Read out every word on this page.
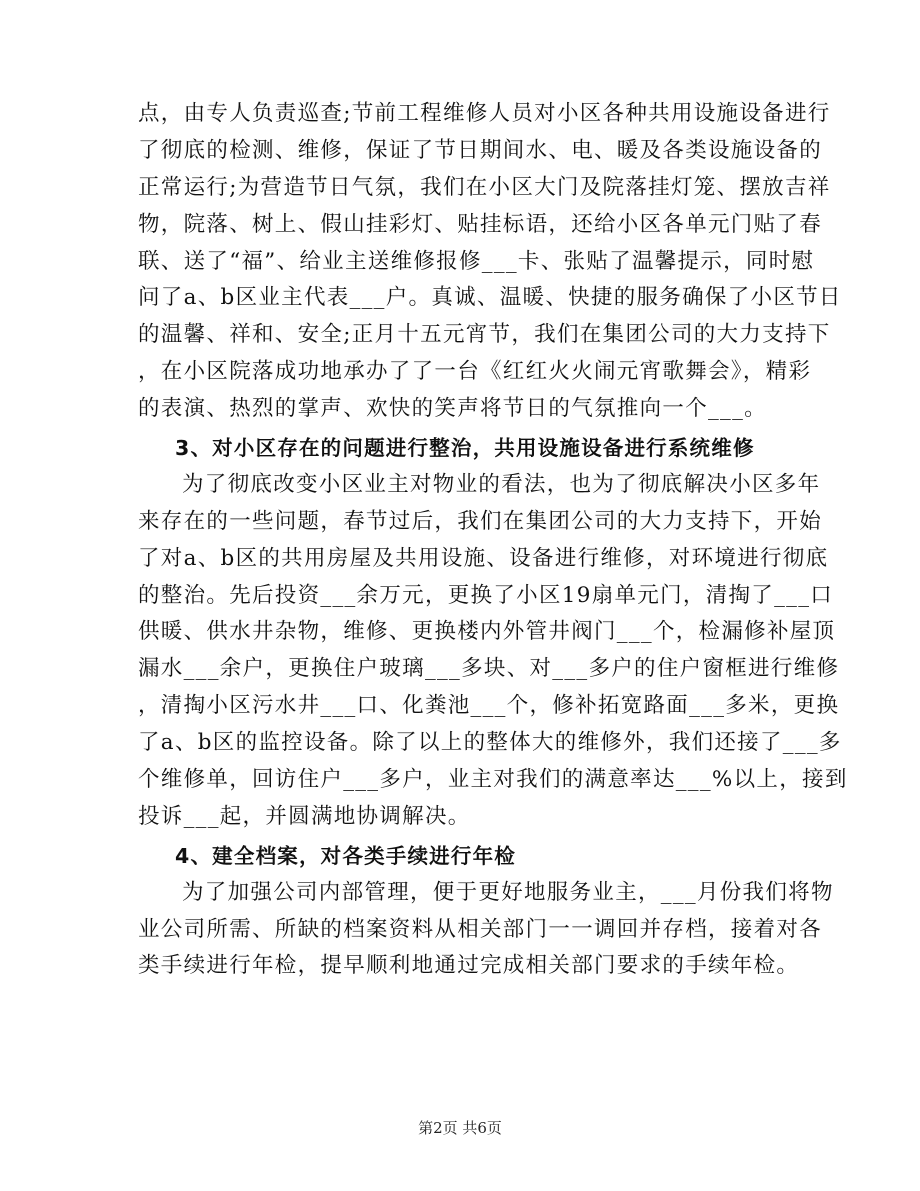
点，由专人负责巡查;节前工程维修人员对小区各种共用设施设备进行
了彻底的检测、维修，保证了节日期间水、电、暖及各类设施设备的
正常运行;为营造节日气氛，我们在小区大门及院落挂灯笼、摆放吉祥
物，院落、树上、假山挂彩灯、贴挂标语，还给小区各单元门贴了春
联、送了“福”、给业主送维修报修___卡、张贴了温馨提示，同时慰
问了a、b区业主代表___户。真诚、温暖、快捷的服务确保了小区节日
的温馨、祥和、安全;正月十五元宵节，我们在集团公司的大力支持下
，在小区院落成功地承办了了一台《红红火火闹元宵歌舞会》，精彩
的表演、热烈的掌声、欢快的笑声将节日的气氛推向一个___。
3、对小区存在的问题进行整治，共用设施设备进行系统维修
为了彻底改变小区业主对物业的看法，也为了彻底解决小区多年
来存在的一些问题，春节过后，我们在集团公司的大力支持下，开始
了对a、b区的共用房屋及共用设施、设备进行维修，对环境进行彻底
的整治。先后投资___余万元，更换了小区19扇单元门，清掏了___口
供暖、供水井杂物，维修、更换楼内外管井阀门___个，检漏修补屋顶
漏水___余户，更换住户玻璃___多块、对___多户的住户窗框进行维修
，清掏小区污水井___口、化粪池___个，修补拓宽路面___多米，更换
了a、b区的监控设备。除了以上的整体大的维修外，我们还接了___多
个维修单，回访住户___多户，业主对我们的满意率达___%以上，接到
投诉___起，并圆满地协调解决。
4、建全档案，对各类手续进行年检
为了加强公司内部管理，便于更好地服务业主，___月份我们将物
业公司所需、所缺的档案资料从相关部门一一调回并存档，接着对各
类手续进行年检，提早顺利地通过完成相关部门要求的手续年检。
第2页 共6页
